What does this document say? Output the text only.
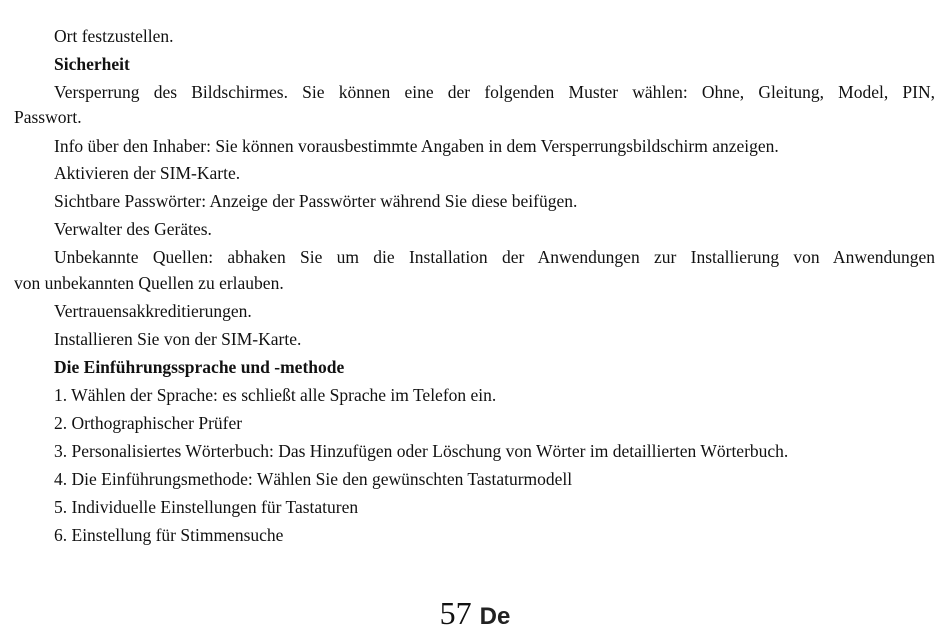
Ort festzustellen.
Sicherheit
Versperrung des Bildschirmes. Sie können eine der folgenden Muster wählen: Ohne, Gleitung, Model, PIN,
Passwort.
Info über den Inhaber: Sie können vorausbestimmte Angaben in dem Versperrungsbildschirm anzeigen.
Aktivieren der SIM-Karte.
Sichtbare Passwörter: Anzeige der Passwörter während Sie diese beifügen.
Verwalter des Gerätes.
Unbekannte Quellen: abhaken Sie um die Installation der Anwendungen zur Installierung von Anwendungen
von unbekannten Quellen zu erlauben.
Vertrauensakkreditierungen.
Installieren Sie von der SIM-Karte.
Die Einführungssprache und -methode
1. Wählen der Sprache: es schließt alle Sprache im Telefon ein.
2. Orthographischer Prüfer
3. Personalisiertes Wörterbuch: Das Hinzufügen oder Löschung von Wörter im detaillierten Wörterbuch.
4. Die Einführungsmethode: Wählen Sie den gewünschten Tastaturmodell
5. Individuelle Einstellungen für Tastaturen
6. Einstellung für Stimmensuche
57 De
